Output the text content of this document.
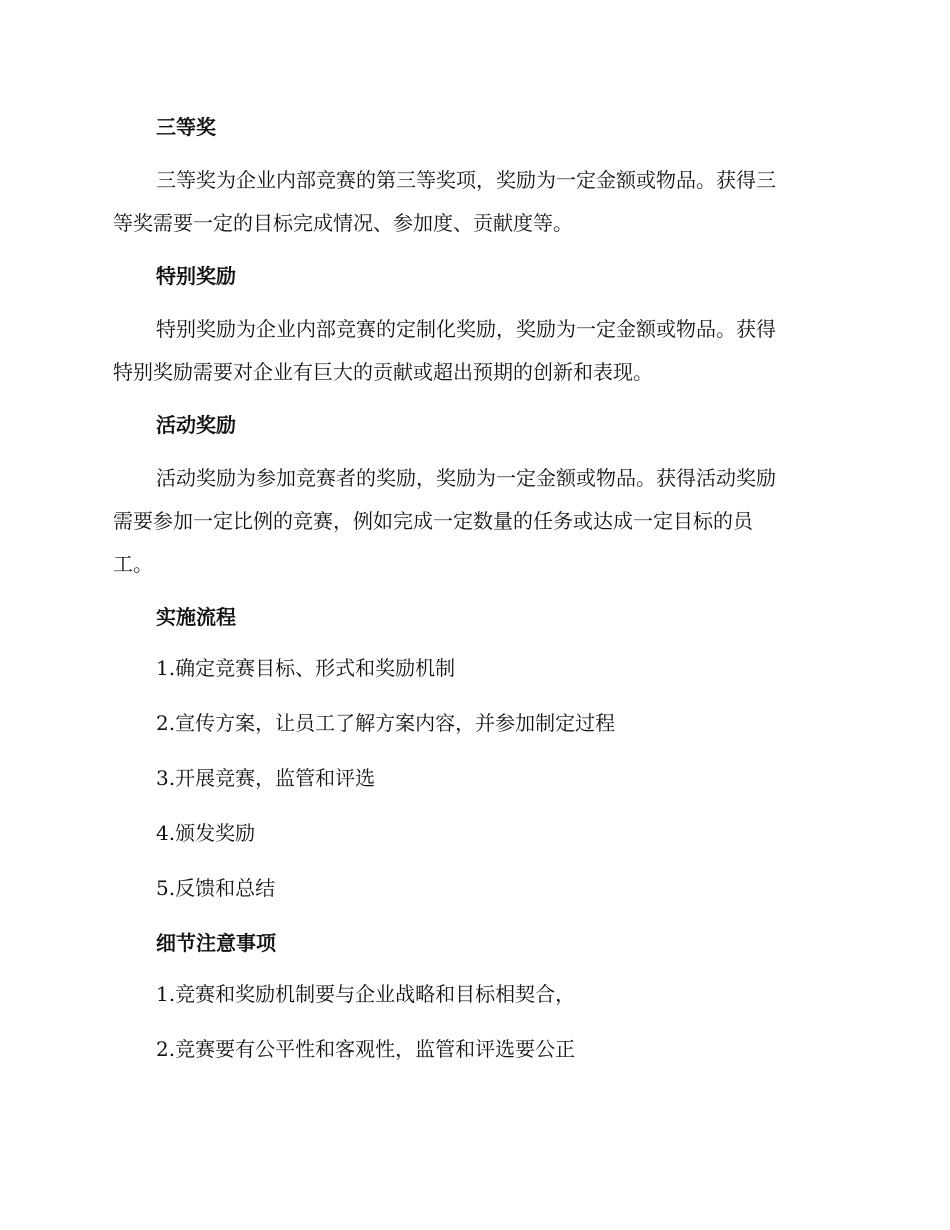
三等奖
三等奖为企业内部竞赛的第三等奖项，奖励为一定金额或物品。获得三
等奖需要一定的目标完成情况、参加度、贡献度等。
特别奖励
特别奖励为企业内部竞赛的定制化奖励，奖励为一定金额或物品。获得
特别奖励需要对企业有巨大的贡献或超出预期的创新和表现。
活动奖励
活动奖励为参加竞赛者的奖励，奖励为一定金额或物品。获得活动奖励
需要参加一定比例的竞赛，例如完成一定数量的任务或达成一定目标的员
工。
实施流程
1.确定竞赛目标、形式和奖励机制
2.宣传方案，让员工了解方案内容，并参加制定过程
3.开展竞赛，监管和评选
4.颁发奖励
5.反馈和总结
细节注意事项
1.竞赛和奖励机制要与企业战略和目标相契合，
2.竞赛要有公平性和客观性，监管和评选要公正
